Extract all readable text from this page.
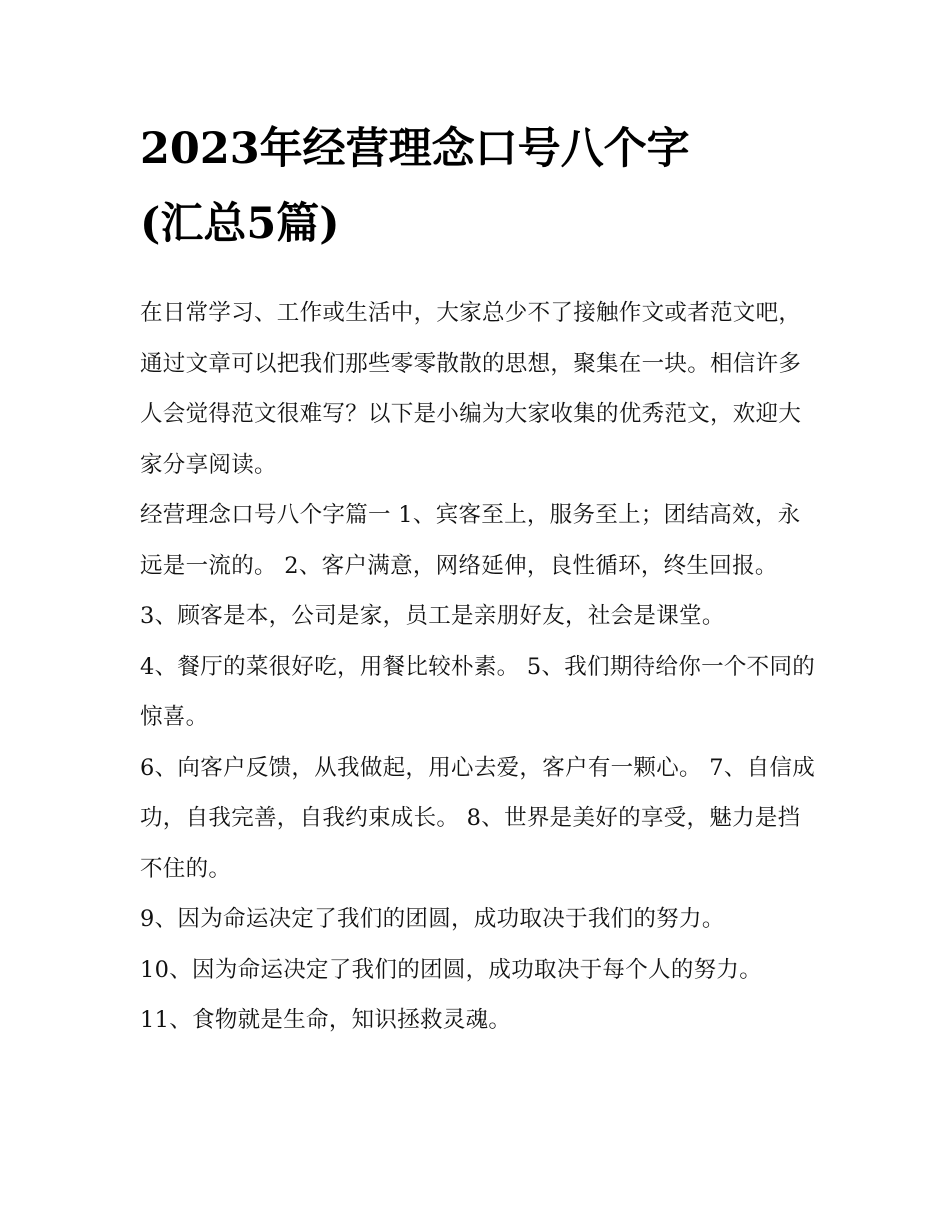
2023年经营理念口号八个字
(汇总5篇)

在日常学习、工作或生活中，大家总少不了接触作文或者范文吧，通过文章可以把我们那些零零散散的思想，聚集在一块。相信许多人会觉得范文很难写？以下是小编为大家收集的优秀范文，欢迎大家分享阅读。

经营理念口号八个字篇一 1、宾客至上，服务至上；团结高效，永远是一流的。 2、客户满意，网络延伸，良性循环，终生回报。

3、顾客是本，公司是家，员工是亲朋好友，社会是课堂。

4、餐厅的菜很好吃，用餐比较朴素。 5、我们期待给你一个不同的惊喜。

6、向客户反馈，从我做起，用心去爱，客户有一颗心。 7、自信成功，自我完善，自我约束成长。 8、世界是美好的享受，魅力是挡不住的。

9、因为命运决定了我们的团圆，成功取决于我们的努力。

10、因为命运决定了我们的团圆，成功取决于每个人的努力。

11、食物就是生命，知识拯救灵魂。
